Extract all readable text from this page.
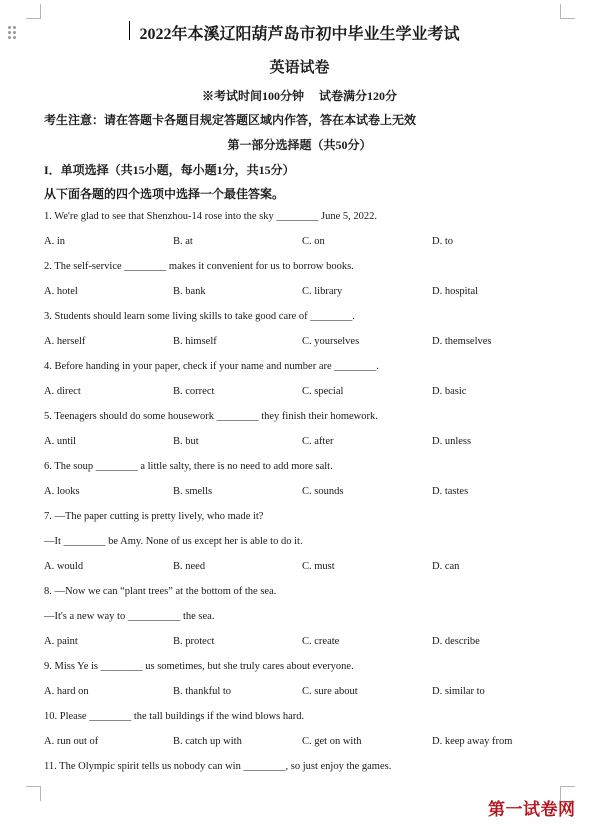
2022年本溪辽阳葫芦岛市初中毕业生学业考试
英语试卷
※考试时间100分钟　 试卷满分120分
考生注意：请在答题卡各题目规定答题区域内作答，答在本试卷上无效
第一部分选择题（共50分）
I．单项选择（共15小题，每小题1分，共15分）
从下面各题的四个选项中选择一个最佳答案。
1. We're glad to see that Shenzhou-14 rose into the sky ________ June 5, 2022.
2. The self-service ________ makes it convenient for us to borrow books.
3. Students should learn some living skills to take good care of ________.
4. Before handing in your paper, check if your name and number are ________.
5. Teenagers should do some housework ________ they finish their homework.
6. The soup ________ a little salty, there is no need to add more salt.
7. —The paper cutting is pretty lively, who made it?
—It ________ be Amy. None of us except her is able to do it.
8. —Now we can “plant trees” at the bottom of the sea.
—It's a new way to __________ the sea.
9. Miss Ye is ________ us sometimes, but she truly cares about everyone.
10. Please ________ the tall buildings if the wind blows hard.
11. The Olympic spirit tells us nobody can win ________, so just enjoy the games.
A. in	B. at	C. on	D. to
A. hotel	B. bank	C. library	D. hospital
A. herself	B. himself	C. yourselves	D. themselves
A. direct	B. correct	C. special	D. basic
A. until	B. but	C. after	D. unless
A. looks	B. smells	C. sounds	D. tastes
A. would	B. need	C. must	D. can
A. paint	B. protect	C. create	D. describe
A. hard on	B. thankful to	C. sure about	D. similar to
A. run out of	B. catch up with	C. get on with	D. keep away from
第一试卷网
